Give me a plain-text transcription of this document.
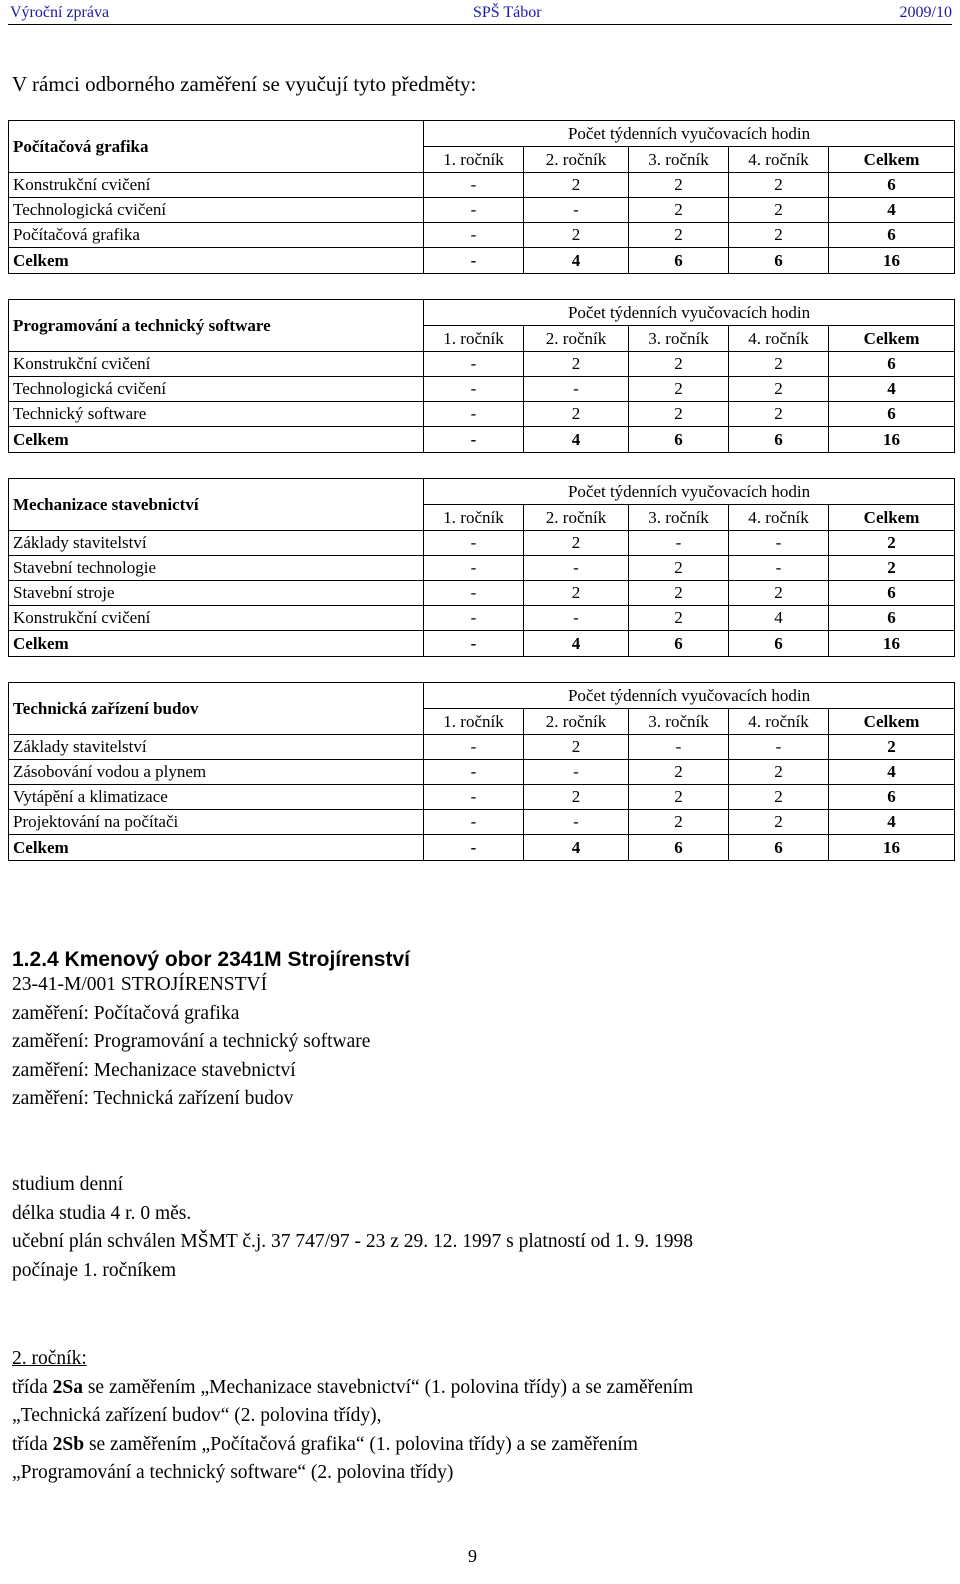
Výroční zpráva	SPŠ Tábor	2009/10
V rámci odborného zaměření se vyučují tyto předměty:
Počítačová grafika	Počet týdenních vyučovacích hodin				
	1. ročník	2. ročník	3. ročník	4. ročník	Celkem
Konstrukční cvičení	-	2	2	2	6
Technologická cvičení	-	-	2	2	4
Počítačová grafika	-	2	2	2	6
Celkem	-	4	6	6	16
Programování a technický software	Počet týdenních vyučovacích hodin				
	1. ročník	2. ročník	3. ročník	4. ročník	Celkem
Konstrukční cvičení	-	2	2	2	6
Technologická cvičení	-	-	2	2	4
Technický software	-	2	2	2	6
Celkem	-	4	6	6	16
Mechanizace stavebnictví	Počet týdenních vyučovacích hodin				
	1. ročník	2. ročník	3. ročník	4. ročník	Celkem
Základy stavitelství	-	2	-	-	2
Stavební technologie	-	-	2	-	2
Stavební stroje	-	2	2	2	6
Konstrukční cvičení	-	-	2	4	6
Celkem	-	4	6	6	16
Technická zařízení budov	Počet týdenních vyučovacích hodin				
	1. ročník	2. ročník	3. ročník	4. ročník	Celkem
Základy stavitelství	-	2	-	-	2
Zásobování vodou a plynem	-	-	2	2	4
Vytápění a klimatizace	-	2	2	2	6
Projektování na počítači	-	-	2	2	4
Celkem	-	4	6	6	16
1.2.4 Kmenový obor 2341M Strojírenství
23-41-M/001 STROJÍRENSTVÍ
zaměření: Počítačová grafika
zaměření: Programování a technický software
zaměření: Mechanizace stavebnictví
zaměření: Technická zařízení budov
studium denní
délka studia 4 r. 0 měs.
učební plán schválen MŠMT č.j. 37 747/97 - 23 z 29. 12. 1997 s platností od 1. 9. 1998
počínaje 1. ročníkem
2. ročník:
třída 2Sa se zaměřením „Mechanizace stavebnictví“ (1. polovina třídy) a se zaměřením
„Technická zařízení budov“ (2. polovina třídy),
třída 2Sb se zaměřením „Počítačová grafika“ (1. polovina třídy) a se zaměřením
„Programování a technický software“ (2. polovina třídy)
9
